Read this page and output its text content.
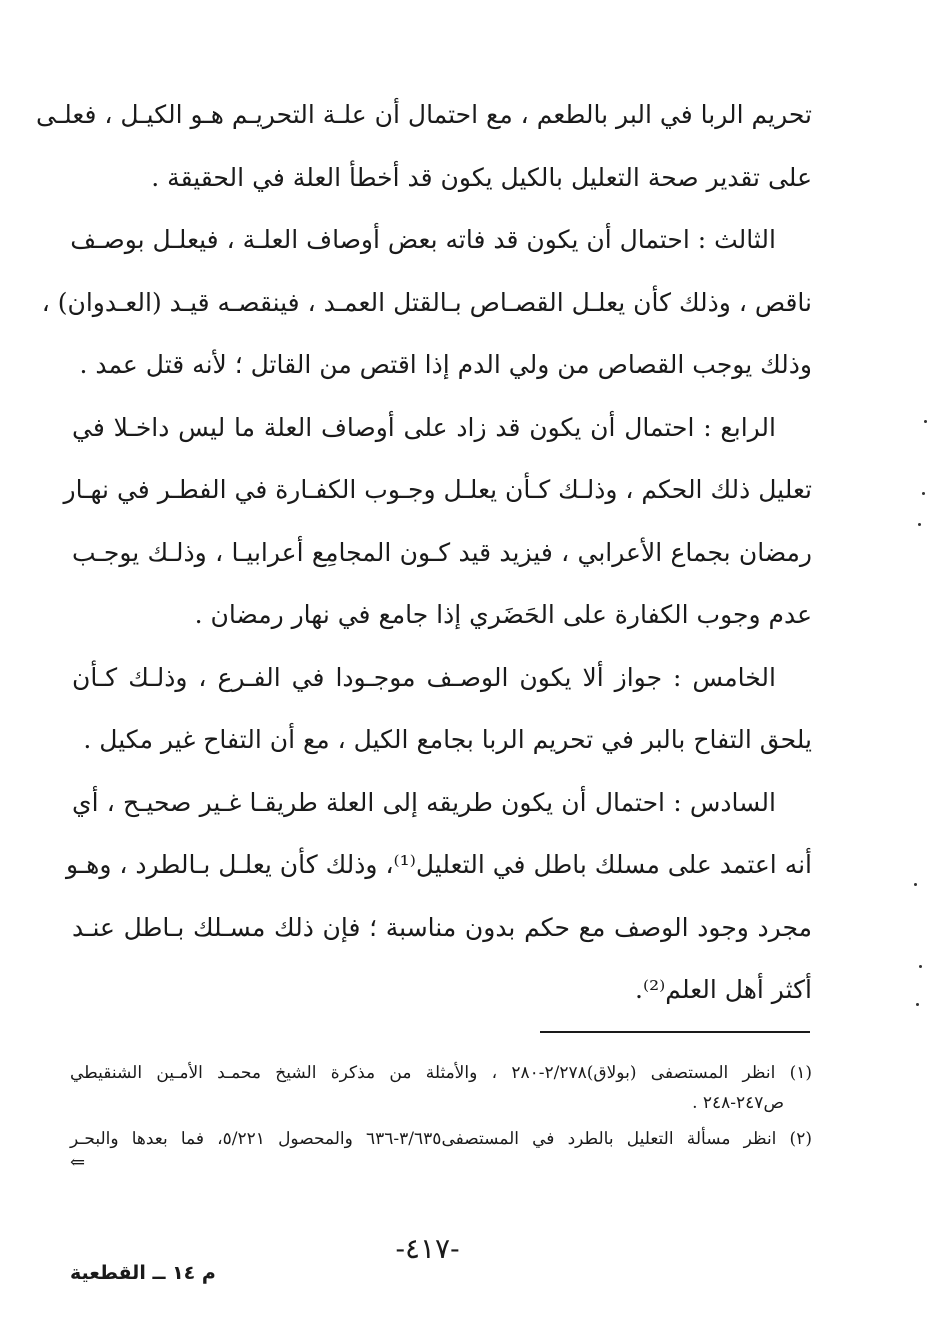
تحريم الربا في البر بالطعم ، مع احتمال أن علـة التحريـم هـو الكيـل ، فعلـى
على تقدير صحة التعليل بالكيل يكون قد أخطأ العلة في الحقيقة .
الثالث : احتمال أن يكون قد فاته بعض أوصاف العلـة ، فيعلـل بوصـف
ناقص ، وذلك كأن يعلـل القصـاص بـالقتل العمـد ، فينقصـه قيـد (العـدوان) ،
وذلك يوجب القصاص من ولي الدم إذا اقتص من القاتل ؛ لأنه قتل عمد .
الرابع : احتمال أن يكون قد زاد على أوصاف العلة ما ليس داخـلا في
تعليل ذلك الحكم ، وذلـك كـأن يعلـل وجـوب الكفـارة في الفطـر في نهـار
رمضان بجماع الأعرابي ، فيزيد قيد كـون المجامِع أعرابيـا ، وذلـك يوجـب
عدم وجوب الكفارة على الحَضَري إذا جامع في نهار رمضان .
الخامس : جواز ألا يكون الوصـف موجـودا في الفـرع ، وذلـك كـأن
يلحق التفاح بالبر في تحريم الربا بجامع الكيل ، مع أن التفاح غير مكيل .
السادس : احتمال أن يكون طريقه إلى العلة طريقـا غـير صحيـح ، أي
أنه اعتمد على مسلك باطل في التعليل⁽¹⁾، وذلك كأن يعلـل بـالطرد ، وهـو
مجرد وجود الوصف مع حكم بدون مناسبة ؛ فإن ذلك مسـلك بـاطل عنـد
أكثر أهل العلم⁽²⁾.
(١) انظر المستصفى (بولاق)٢/٢٧٨-٢٨٠ ، والأمثلة من مذكرة الشيخ محمـد الأمـين الشنقيطي
ص٢٤٧-٢٤٨ .
(٢) انظر مسألة التعليل بالطرد في المستصفى٣/٦٣٥-٦٣٦ والمحصول ٥/٢٢١، فما بعدها والبحـر
⇐
-٤١٧-
م ١٤ ــ القطعية
